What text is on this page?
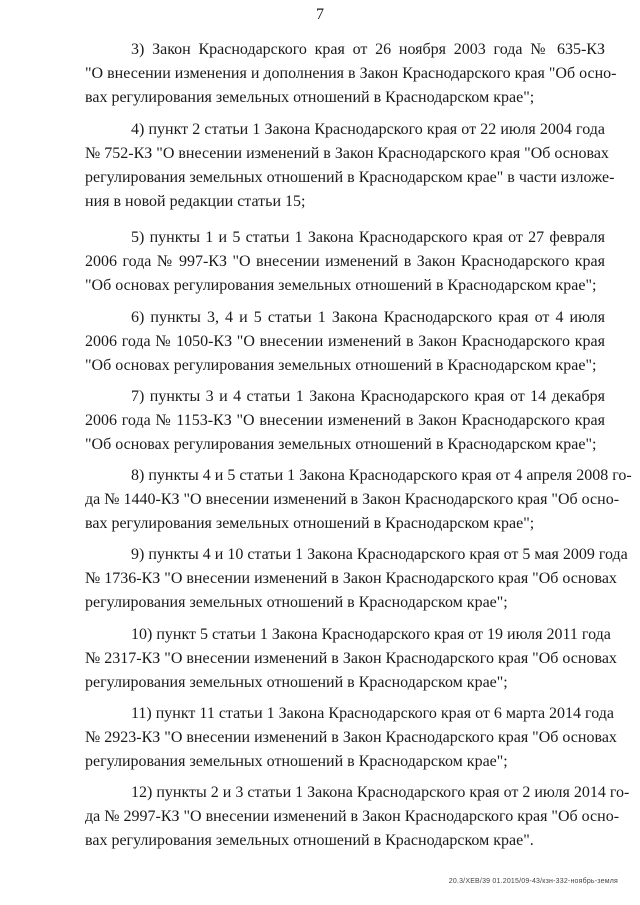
7
3) Закон Краснодарского края от 26 ноября 2003 года № 635-КЗ
"О внесении изменения и дополнения в Закон Краснодарского края "Об осно-
вах регулирования земельных отношений в Краснодарском крае";
4) пункт 2 статьи 1 Закона Краснодарского края от 22 июля 2004 года
№ 752-КЗ "О внесении изменений в Закон Краснодарского края "Об основах
регулирования земельных отношений в Краснодарском крае" в части изложе-
ния в новой редакции статьи 15;
5) пункты 1 и 5 статьи 1 Закона Краснодарского края от 27 февраля
2006 года № 997-КЗ "О внесении изменений в Закон Краснодарского края
"Об основах регулирования земельных отношений в Краснодарском крае";
6) пункты 3, 4 и 5 статьи 1 Закона Краснодарского края от 4 июля
2006 года № 1050-КЗ "О внесении изменений в Закон Краснодарского края
"Об основах регулирования земельных отношений в Краснодарском крае";
7) пункты 3 и 4 статьи 1 Закона Краснодарского края от 14 декабря
2006 года № 1153-КЗ "О внесении изменений в Закон Краснодарского края
"Об основах регулирования земельных отношений в Краснодарском крае";
8) пункты 4 и 5 статьи 1 Закона Краснодарского края от 4 апреля 2008 го-
да № 1440-КЗ "О внесении изменений в Закон Краснодарского края "Об осно-
вах регулирования земельных отношений в Краснодарском крае";
9) пункты 4 и 10 статьи 1 Закона Краснодарского края от 5 мая 2009 года
№ 1736-КЗ "О внесении изменений в Закон Краснодарского края "Об основах
регулирования земельных отношений в Краснодарском крае";
10) пункт 5 статьи 1 Закона Краснодарского края от 19 июля 2011 года
№ 2317-КЗ "О внесении изменений в Закон Краснодарского края "Об основах
регулирования земельных отношений в Краснодарском крае";
11) пункт 11 статьи 1 Закона Краснодарского края от 6 марта 2014 года
№ 2923-КЗ "О внесении изменений в Закон Краснодарского края "Об основах
регулирования земельных отношений в Краснодарском крае";
12) пункты 2 и 3 статьи 1 Закона Краснодарского края от 2 июля 2014 го-
да № 2997-КЗ "О внесении изменений в Закон Краснодарского края "Об осно-
вах регулирования земельных отношений в Краснодарском крае".
20.3/ХЕВ/39 01.2015/09-43/кзн-332-ноябрь-земля
